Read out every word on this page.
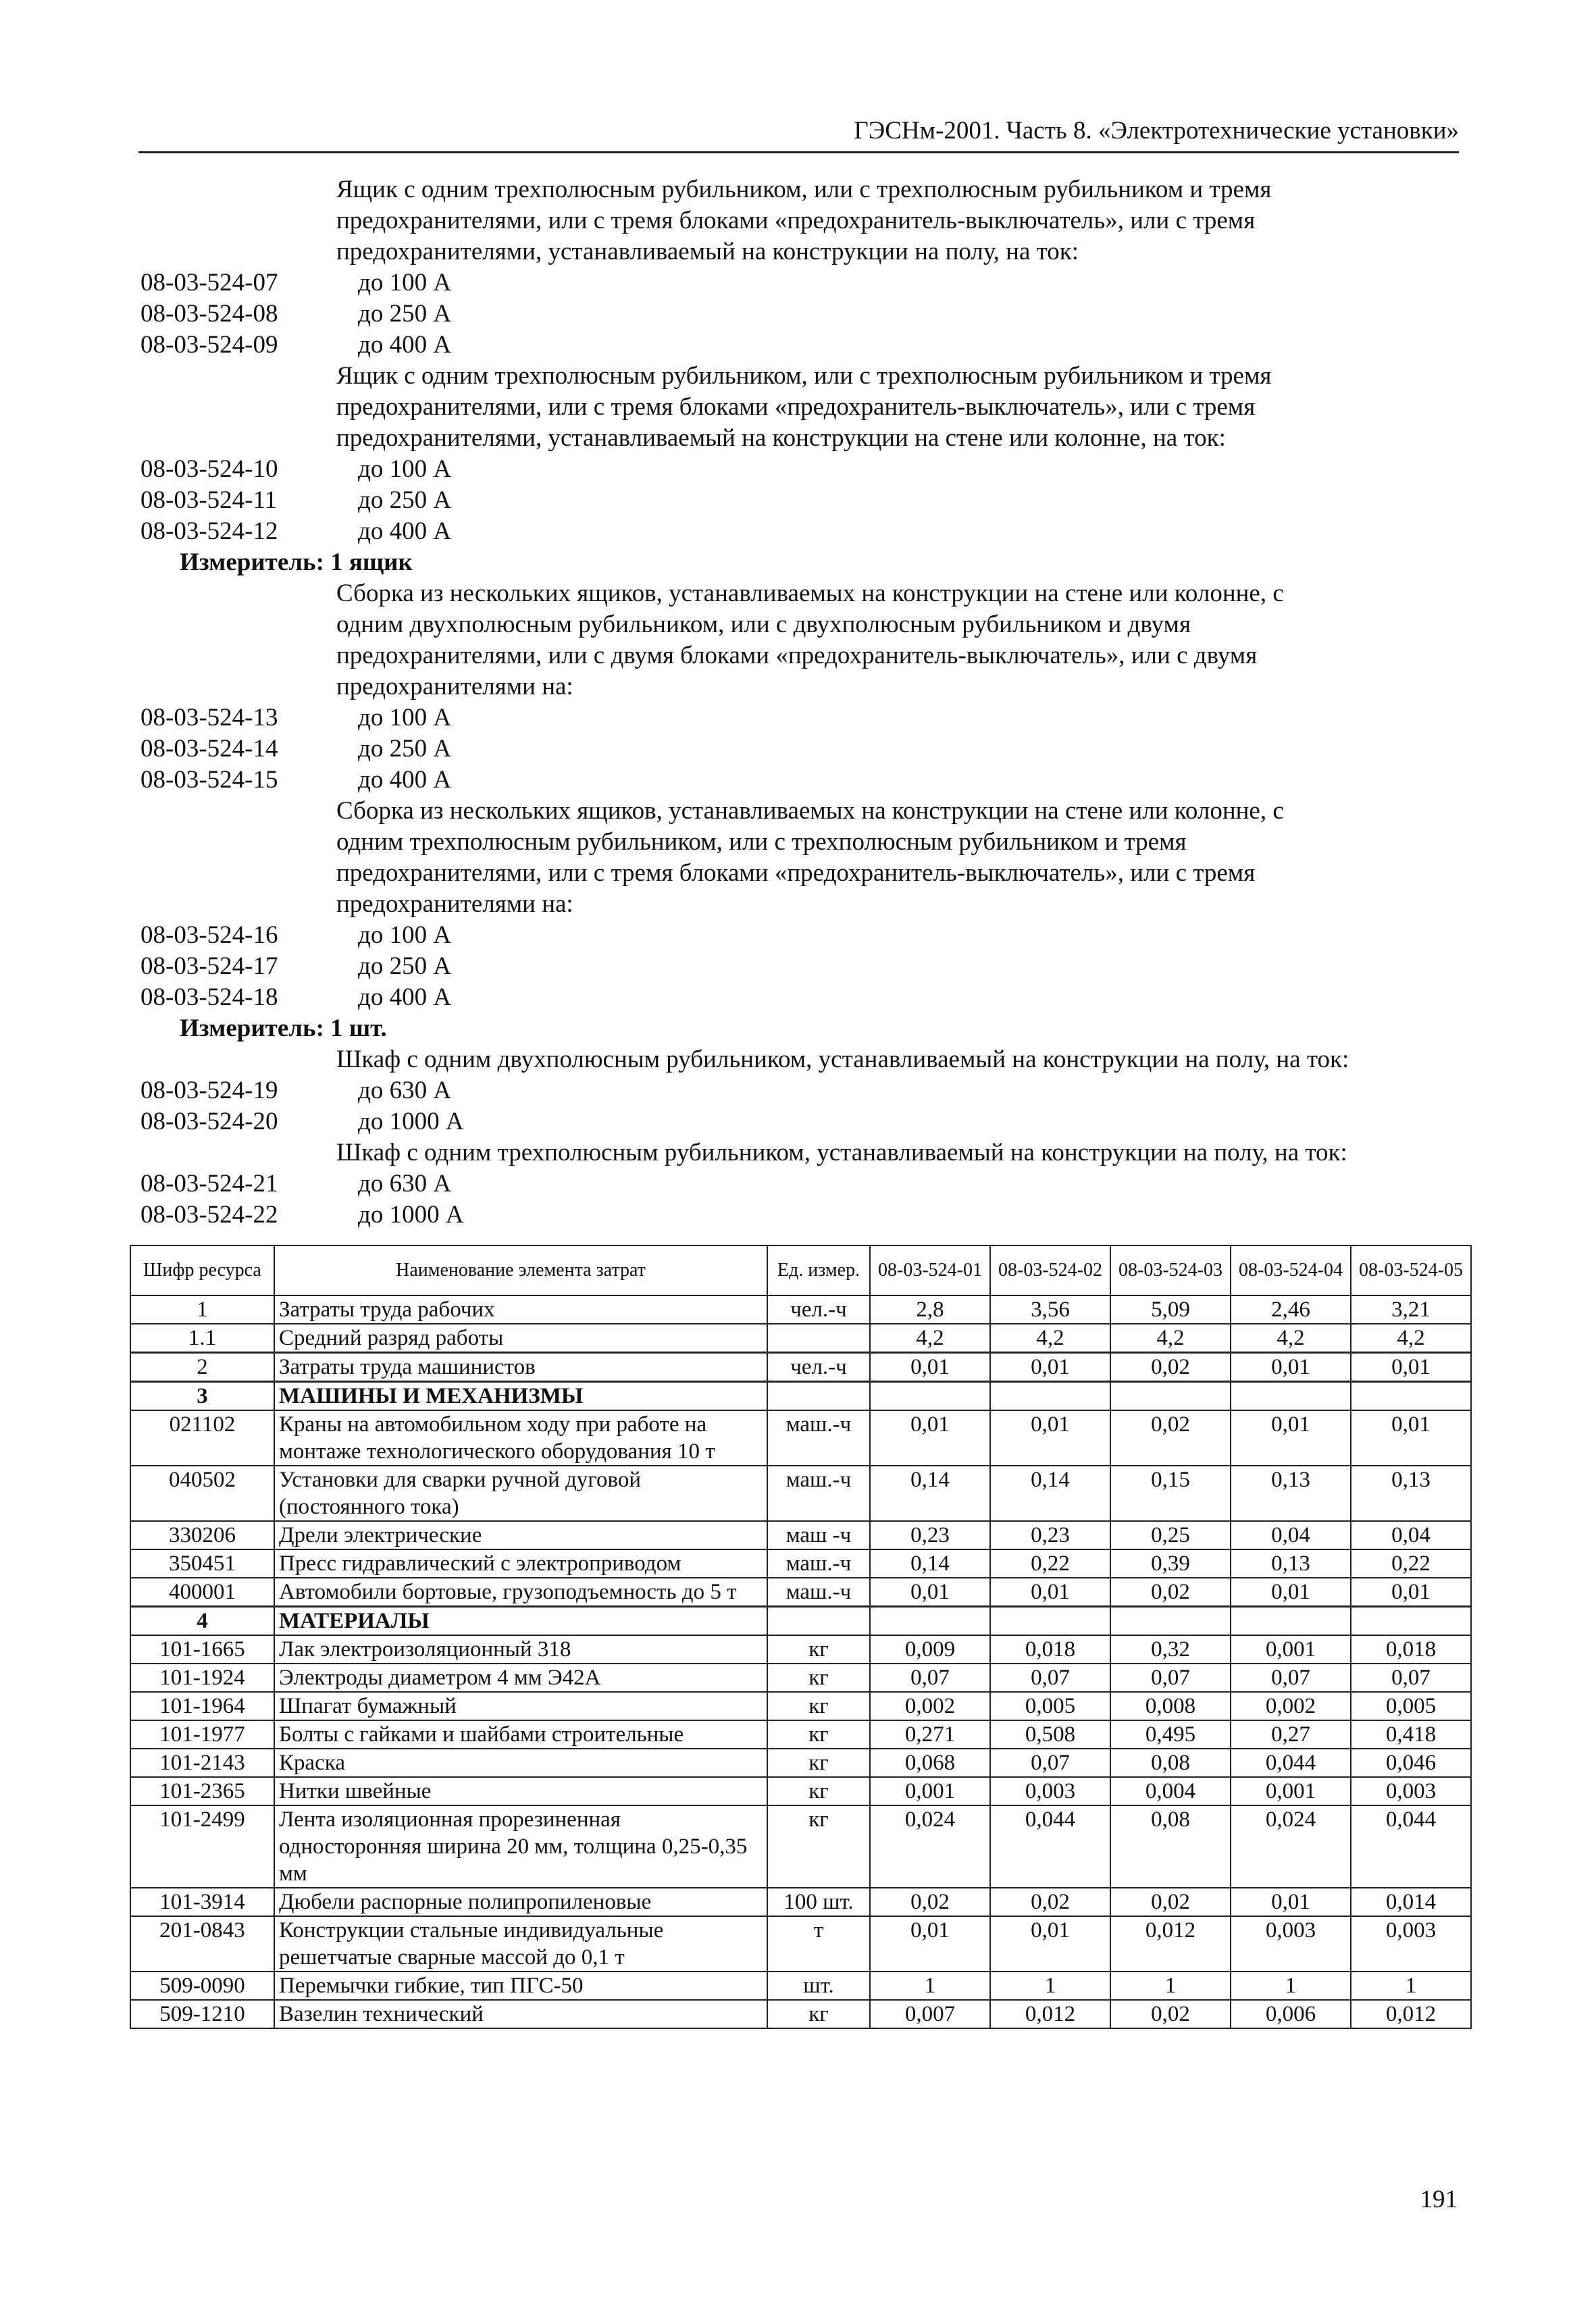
ГЭСНм-2001. Часть 8. «Электротехнические установки»
Ящик с одним трехполюсным рубильником, или с трехполюсным рубильником и тремя
предохранителями, или с тремя блоками «предохранитель-выключатель», или с тремя
предохранителями, устанавливаемый на конструкции на полу, на ток:
08-03-524-07	до 100 А
08-03-524-08	до 250 А
08-03-524-09	до 400 А
Ящик с одним трехполюсным рубильником, или с трехполюсным рубильником и тремя
предохранителями, или с тремя блоками «предохранитель-выключатель», или с тремя
предохранителями, устанавливаемый на конструкции на стене или колонне, на ток:
08-03-524-10	до 100 А
08-03-524-11	до 250 А
08-03-524-12	до 400 А
Измеритель: 1 ящик
Сборка из нескольких ящиков, устанавливаемых на конструкции на стене или колонне, с
одним двухполюсным рубильником, или с двухполюсным рубильником и двумя
предохранителями, или с двумя блоками «предохранитель-выключатель», или с двумя
предохранителями на:
08-03-524-13	до 100 А
08-03-524-14	до 250 А
08-03-524-15	до 400 А
Сборка из нескольких ящиков, устанавливаемых на конструкции на стене или колонне, с
одним трехполюсным рубильником, или с трехполюсным рубильником и тремя
предохранителями, или с тремя блоками «предохранитель-выключатель», или с тремя
предохранителями на:
08-03-524-16	до 100 А
08-03-524-17	до 250 А
08-03-524-18	до 400 А
Измеритель: 1 шт.
Шкаф с одним двухполюсным рубильником, устанавливаемый на конструкции на полу, на ток:
08-03-524-19	до 630 А
08-03-524-20	до 1000 А
Шкаф с одним трехполюсным рубильником, устанавливаемый на конструкции на полу, на ток:
08-03-524-21	до 630 А
08-03-524-22	до 1000 А
Шифр ресурса	Наименование элемента затрат	Ед. измер.	08-03-524-01	08-03-524-02	08-03-524-03	08-03-524-04	08-03-524-05
1	Затраты труда рабочих	чел.-ч	2,8	3,56	5,09	2,46	3,21
1.1	Средний разряд работы		4,2	4,2	4,2	4,2	4,2
2	Затраты труда машинистов	чел.-ч	0,01	0,01	0,02	0,01	0,01
3	МАШИНЫ И МЕХАНИЗМЫ						
021102	Краны на автомобильном ходу при работе на монтаже технологического оборудования 10 т	маш.-ч	0,01	0,01	0,02	0,01	0,01
040502	Установки для сварки ручной дуговой (постоянного тока)	маш.-ч	0,14	0,14	0,15	0,13	0,13
330206	Дрели электрические	маш -ч	0,23	0,23	0,25	0,04	0,04
350451	Пресс гидравлический с электроприводом	маш.-ч	0,14	0,22	0,39	0,13	0,22
400001	Автомобили бортовые, грузоподъемность до 5 т	маш.-ч	0,01	0,01	0,02	0,01	0,01
4	МАТЕРИАЛЫ						
101-1665	Лак электроизоляционный 318	кг	0,009	0,018	0,32	0,001	0,018
101-1924	Электроды диаметром 4 мм Э42А	кг	0,07	0,07	0,07	0,07	0,07
101-1964	Шпагат бумажный	кг	0,002	0,005	0,008	0,002	0,005
101-1977	Болты с гайками и шайбами строительные	кг	0,271	0,508	0,495	0,27	0,418
101-2143	Краска	кг	0,068	0,07	0,08	0,044	0,046
101-2365	Нитки швейные	кг	0,001	0,003	0,004	0,001	0,003
101-2499	Лента изоляционная прорезиненная односторонняя ширина 20 мм, толщина 0,25-0,35 мм	кг	0,024	0,044	0,08	0,024	0,044
101-3914	Дюбели распорные полипропиленовые	100 шт.	0,02	0,02	0,02	0,01	0,014
201-0843	Конструкции стальные индивидуальные решетчатые сварные массой до 0,1 т	т	0,01	0,01	0,012	0,003	0,003
509-0090	Перемычки гибкие, тип ПГС-50	шт.	1	1	1	1	1
509-1210	Вазелин технический	кг	0,007	0,012	0,02	0,006	0,012
191
